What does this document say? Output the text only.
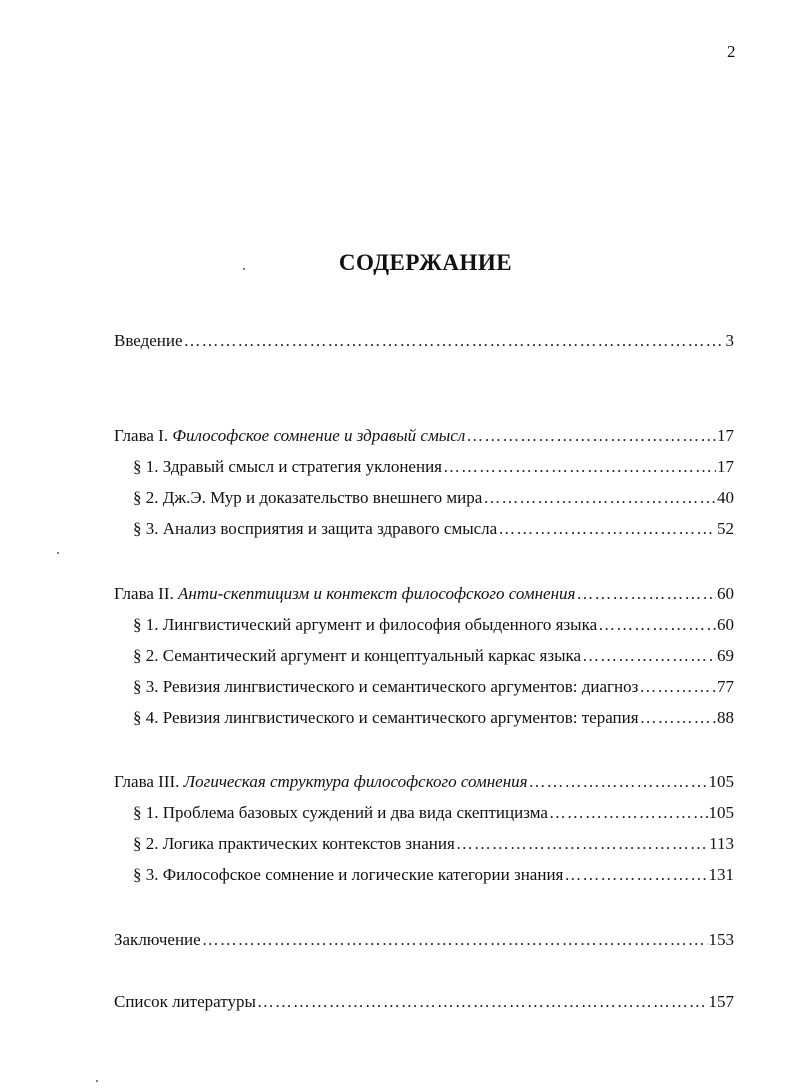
2
СОДЕРЖАНИЕ
Введение ……………………………………………………………………………………………………………………………………………………	3
Глава I. Философское сомнение и здравый смысл ……………………………………………………………………………………………………………………………………………………	17
§ 1. Здравый смысл и стратегия уклонения ……………………………………………………………………………………………………………………………………………………	17
§ 2. Дж.Э. Мур и доказательство внешнего мира ……………………………………………………………………………………………………………………………………………………	40
§ 3. Анализ восприятия и защита здравого смысла ……………………………………………………………………………………………………………………………………………………	52
Глава II. Анти-скептицизм и контекст философского сомнения ……………………………………………………………………………………………………………………………………………………	60
§ 1. Лингвистический аргумент и философия обыденного языка ……………………………………………………………………………………………………………………………………………………	60
§ 2. Семантический аргумент и концептуальный каркас языка ……………………………………………………………………………………………………………………………………………………	69
§ 3. Ревизия лингвистического и семантического аргументов: диагноз ……………………………………………………………………………………………………………………………………………………	77
§ 4. Ревизия лингвистического и семантического аргументов: терапия ……………………………………………………………………………………………………………………………………………………	88
Глава III. Логическая структура философского сомнения ……………………………………………………………………………………………………………………………………………………	105
§ 1. Проблема базовых суждений и два вида скептицизма ……………………………………………………………………………………………………………………………………………………	105
§ 2. Логика практических контекстов знания ……………………………………………………………………………………………………………………………………………………	113
§ 3. Философское сомнение и логические категории знания ……………………………………………………………………………………………………………………………………………………	131
Заключение ……………………………………………………………………………………………………………………………………………………	153
Список литературы ……………………………………………………………………………………………………………………………………………………	157
